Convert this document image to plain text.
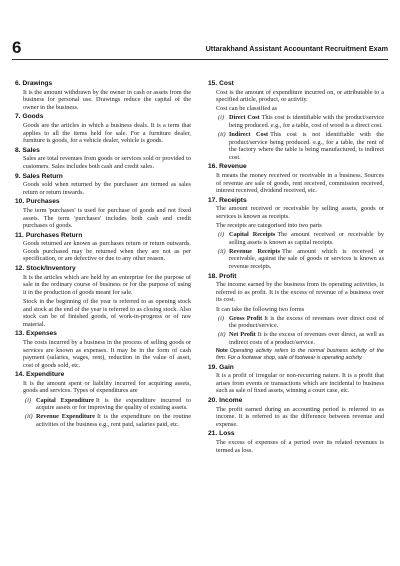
6	Uttarakhand Assistant Accountant Recruitment Exam
6. Drawings
It is the amount withdrawn by the owner in cash or assets from the business for personal use. Drawings reduce the capital of the owner in the business.
7. Goods
Goods are the articles in which a business deals. It is a term that applies to all the items held for sale. For a furniture dealer, furniture is goods, for a vehicle dealer, vehicle is goods.
8. Sales
Sales are total revenues from goods or services sold or provided to customers. Sales includes both cash and credit sales.
9. Sales Return
Goods sold when returned by the purchaser are termed as sales return or return inwards.
10. Purchases
The term 'purchases' is used for purchase of goods and not fixed assets. The term 'purchases' includes both cash and credit purchases of goods.
11. Purchases Return
Goods returned are known as purchases return or return outwards. Goods purchased may be returned when they are not as per specification, or are defective or due to any other reason.
12. Stock/Inventory
It is the articles which are held by an enterprise for the purpose of sale in the ordinary course of business or for the purpose of using it in the production of goods meant for sale.
Stock in the beginning of the year is referred to as opening stock and stock at the end of the year is referred to as closing stock. Also stock can be of finished goods, of work-in-progress or of raw material.
13. Expenses
The costs incurred by a business in the process of selling goods or services are known as expenses. It may be in the form of cash payment (salaries, wages, rent), reduction in the value of asset, cost of goods sold, etc.
14. Expenditure
It is the amount spent or liability incurred for acquiring assets, goods and services. Types of expenditures are
(i) Capital Expenditure It is the expenditure incurred to acquire assets or for improving the quality of existing assets.
(ii) Revenue Expenditure It is the expenditure on the routine activities of the business e.g., rent paid, salaries paid, etc.
15. Cost
Cost is the amount of expenditure incurred on, or attributable to a specified article, product, or activity.
Cost can be classified as
(i) Direct Cost This cost is identifiable with the product/service being produced. e.g., for a table, cost of wood is a direct cost.
(ii) Indirect Cost This cost is not identifiable with the product/service being produced. e.g., for a table, the rent of the factory where the table is being manufactured, is indirect cost.
16. Revenue
It means the money received or receivable in a business. Sources of revenue are sale of goods, rent received, commission received, interest received, dividend received, etc.
17. Receipts
The amount received or receivable by selling assets, goods or services is known as receipts.
The receipts are categorised into two parts
(i) Capital Receipts The amount received or receivable by selling assets is known as capital receipts.
(ii) Revenue Receipts The amount which is received or receivable, against the sale of goods or services is known as revenue receipts.
18. Profit
The income earned by the business from its operating activities, is referred to as profit. It is the excess of revenue of a business over its cost.
It can take the following two forms
(i) Gross Profit It is the excess of revenues over direct cost of the product/service.
(ii) Net Profit It is the excess of revenues over direct, as well as indirect costs of a product/service.
Note Operating activity refers to the normal business activity of the firm. For a footwear shop, sale of footwear is operating activity.
19. Gain
It is a profit of irregular or non-recurring nature. It is a profit that arises from events or transactions which are incidental to business such as sale of fixed assets, winning a court case, etc.
20. Income
The profit earned during an accounting period is referred to as income. It is referred to as the difference between revenue and expense.
21. Loss
The excess of expenses of a period over its related revenues is termed as loss.
